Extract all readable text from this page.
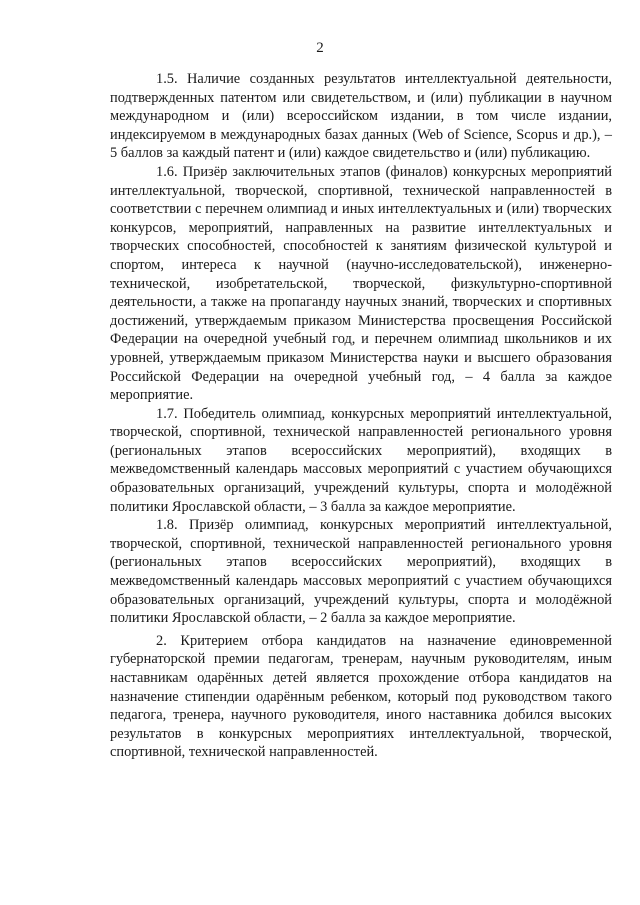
2

1.5. Наличие созданных результатов интеллектуальной деятельности, подтвержденных патентом или свидетельством, и (или) публикации в научном международном и (или) всероссийском издании, в том числе издании, индексируемом в международных базах данных (Web of Science, Scopus и др.), – 5 баллов за каждый патент и (или) каждое свидетельство и (или) публикацию.

1.6. Призёр заключительных этапов (финалов) конкурсных мероприятий интеллектуальной, творческой, спортивной, технической направленностей в соответствии с перечнем олимпиад и иных интеллектуальных и (или) творческих конкурсов, мероприятий, направленных на развитие интеллектуальных и творческих способностей, способностей к занятиям физической культурой и спортом, интереса к научной (научно-исследовательской), инженерно-технической, изобретательской, творческой, физкультурно-спортивной деятельности, а также на пропаганду научных знаний, творческих и спортивных достижений, утверждаемым приказом Министерства просвещения Российской Федерации на очередной учебный год, и перечнем олимпиад школьников и их уровней, утверждаемым приказом Министерства науки и высшего образования Российской Федерации на очередной учебный год, – 4 балла за каждое мероприятие.

1.7. Победитель олимпиад, конкурсных мероприятий интеллектуальной, творческой, спортивной, технической направленностей регионального уровня (региональных этапов всероссийских мероприятий), входящих в межведомственный календарь массовых мероприятий с участием обучающихся образовательных организаций, учреждений культуры, спорта и молодёжной политики Ярославской области, – 3 балла за каждое мероприятие.

1.8. Призёр олимпиад, конкурсных мероприятий интеллектуальной, творческой, спортивной, технической направленностей регионального уровня (региональных этапов всероссийских мероприятий), входящих в межведомственный календарь массовых мероприятий с участием обучающихся образовательных организаций, учреждений культуры, спорта и молодёжной политики Ярославской области, – 2 балла за каждое мероприятие.

2. Критерием отбора кандидатов на назначение единовременной губернаторской премии педагогам, тренерам, научным руководителям, иным наставникам одарённых детей является прохождение отбора кандидатов на назначение стипендии одарённым ребенком, который под руководством такого педагога, тренера, научного руководителя, иного наставника добился высоких результатов в конкурсных мероприятиях интеллектуальной, творческой, спортивной, технической направленностей.
